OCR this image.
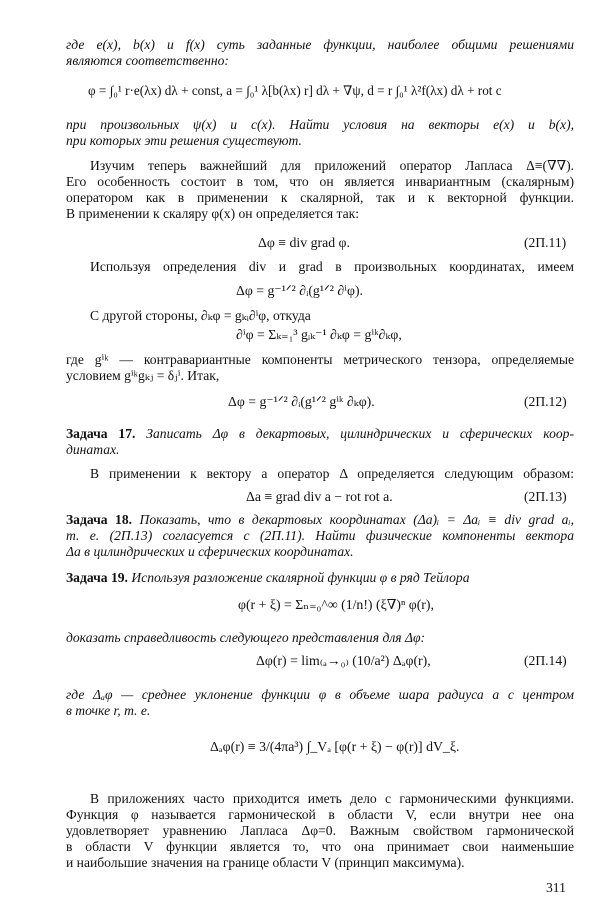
где e(x), b(x) и f(x) суть заданные функции, наиболее общими решениями
являются соответственно:
φ = ∫₀¹ r·e(λx) dλ + const, a = ∫₀¹ λ[b(λx) r] dλ + ∇ψ, d = r ∫₀¹ λ²f(λx) dλ + rot c
при произвольных ψ(x) и c(x). Найти условия на векторы e(x) и b(x),
при которых эти решения существуют.
Изучим теперь важнейший для приложений оператор Лапласа Δ≡(∇∇).
Его особенность состоит в том, что он является инвариантным (скалярным)
оператором как в применении к скалярной, так и к векторной функции.
В применении к скаляру φ(x) он определяется так:
Δφ ≡ div grad φ.	(2П.11)
Используя определения div и grad в произвольных координатах, имеем
Δφ = g⁻¹ᐟ² ∂ᵢ(g¹ᐟ² ∂ⁱφ).
С другой стороны, ∂ₖφ = gₖᵢ∂ⁱφ, откуда
∂ⁱφ = Σₖ₌₁³ gᵢₖ⁻¹ ∂ₖφ = gⁱᵏ∂ₖφ,
где gⁱᵏ — контравариантные компоненты метрического тензора, определяемые
условием gⁱᵏgₖⱼ = δⱼⁱ. Итак,
Δφ = g⁻¹ᐟ² ∂ᵢ(g¹ᐟ² gⁱᵏ ∂ₖφ).	(2П.12)
Задача 17. Записать Δφ в декартовых, цилиндрических и сферических коор-
динатах.
В применении к вектору a оператор Δ определяется следующим образом:
Δa ≡ grad div a − rot rot a.	(2П.13)
Задача 18. Показать, что в декартовых координатах (Δa)ᵢ = Δaᵢ ≡ div grad aᵢ,
т. е. (2П.13) согласуется с (2П.11). Найти физические компоненты вектора
Δa в цилиндрических и сферических координатах.
Задача 19. Используя разложение скалярной функции φ в ряд Тейлора
φ(r + ξ) = Σₙ₌₀^∞ (1/n!) (ξ∇)ⁿ φ(r),
доказать справедливость следующего представления для Δφ:
Δφ(r) = lim₍ₐ→₀₎ (10/a²) Δₐφ(r),	(2П.14)
где Δₐφ — среднее уклонение функции φ в объеме шара радиуса a с центром
в точке r, т. е.
Δₐφ(r) ≡ 3/(4πa³) ∫_Vₐ [φ(r + ξ) − φ(r)] dV_ξ.
В приложениях часто приходится иметь дело с гармоническими функциями.
Функция φ называется гармонической в области V, если внутри нее она
удовлетворяет уравнению Лапласа Δφ=0. Важным свойством гармонической
в области V функции является то, что она принимает свои наименьшие
и наибольшие значения на границе области V (принцип максимума).
311
